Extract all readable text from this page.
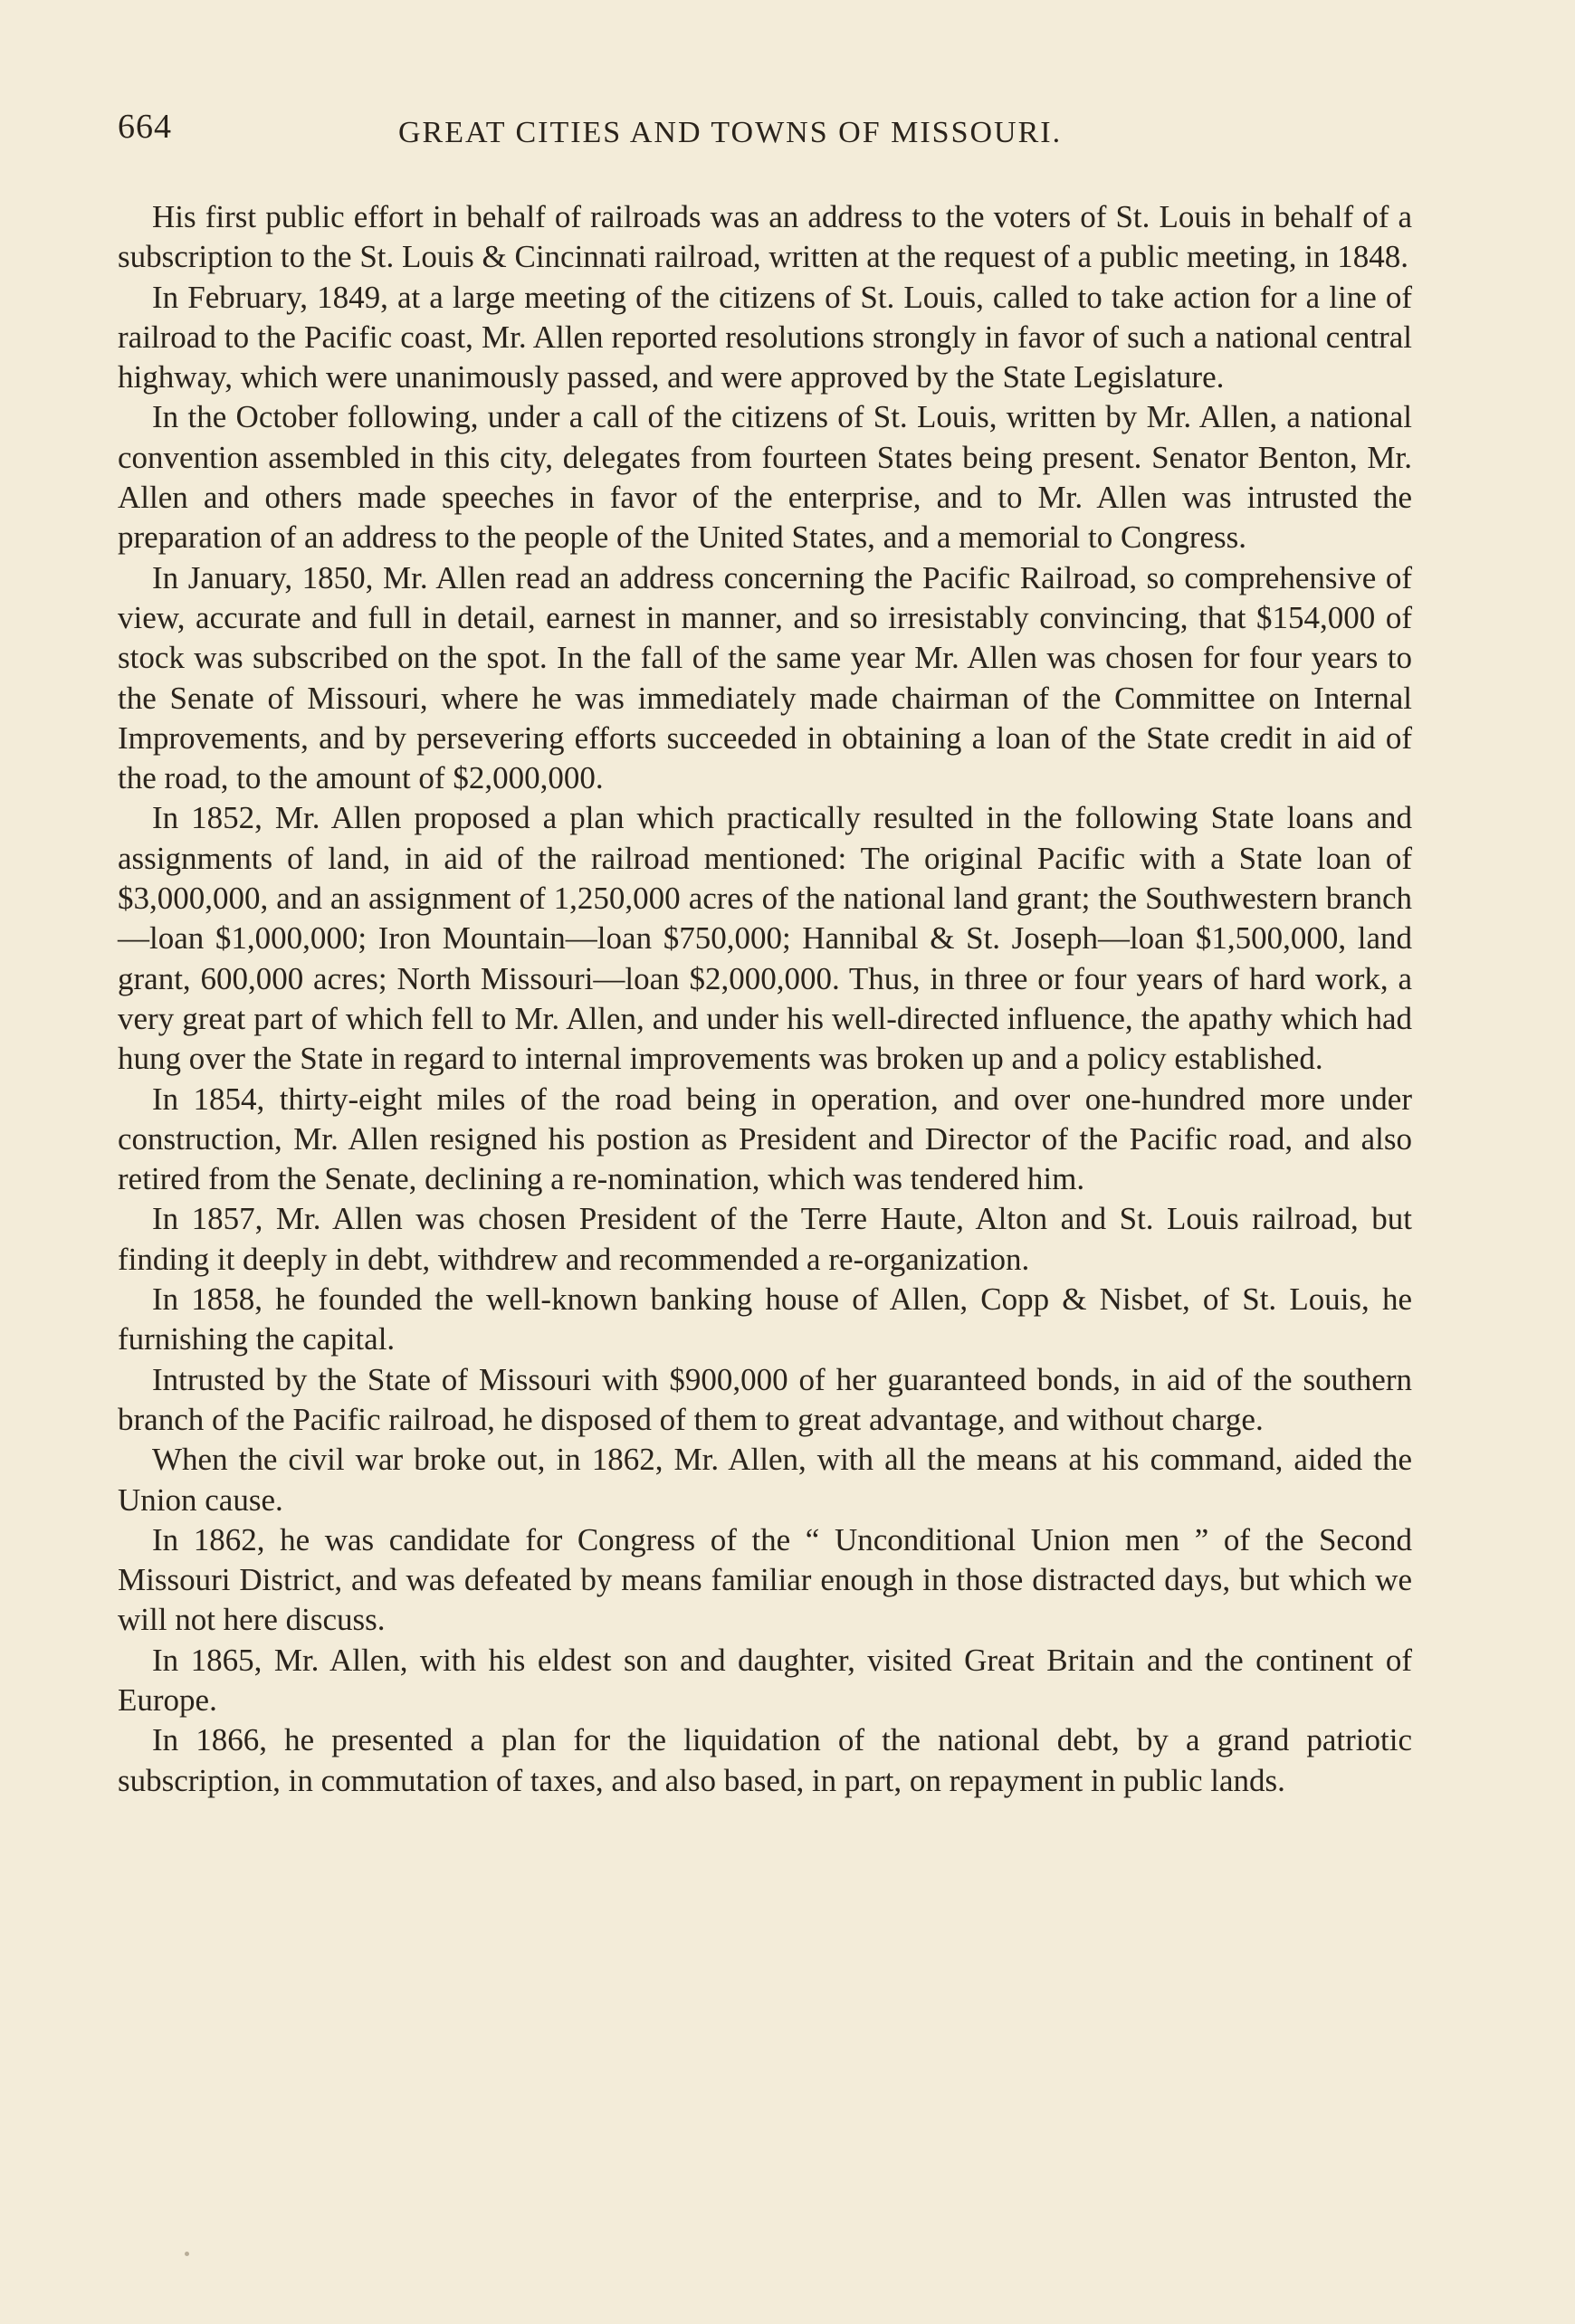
664	GREAT CITIES AND TOWNS OF MISSOURI.

His first public effort in behalf of railroads was an address to the voters of St. Louis in behalf of a subscription to the St. Louis & Cincinnati railroad, written at the request of a public meeting, in 1848.

In February, 1849, at a large meeting of the citizens of St. Louis, called to take action for a line of railroad to the Pacific coast, Mr. Allen reported resolutions strongly in favor of such a national central highway, which were unanimously passed, and were approved by the State Legislature.

In the October following, under a call of the citizens of St. Louis, written by Mr. Allen, a national convention assembled in this city, delegates from fourteen States being present. Senator Benton, Mr. Allen and others made speeches in favor of the enterprise, and to Mr. Allen was intrusted the preparation of an address to the people of the United States, and a memorial to Congress.

In January, 1850, Mr. Allen read an address concerning the Pacific Railroad, so comprehensive of view, accurate and full in detail, earnest in manner, and so irresistably convincing, that $154,000 of stock was subscribed on the spot. In the fall of the same year Mr. Allen was chosen for four years to the Senate of Missouri, where he was immediately made chairman of the Committee on Internal Improvements, and by persevering efforts succeeded in obtaining a loan of the State credit in aid of the road, to the amount of $2,000,000.

In 1852, Mr. Allen proposed a plan which practically resulted in the following State loans and assignments of land, in aid of the railroad mentioned: The original Pacific with a State loan of $3,000,000, and an assignment of 1,250,000 acres of the national land grant; the Southwestern branch—loan $1,000,000; Iron Mountain—loan $750,000; Hannibal & St. Joseph—loan $1,500,000, land grant, 600,000 acres; North Missouri—loan $2,000,000. Thus, in three or four years of hard work, a very great part of which fell to Mr. Allen, and under his well-directed influence, the apathy which had hung over the State in regard to internal improvements was broken up and a policy established.

In 1854, thirty-eight miles of the road being in operation, and over one-hundred more under construction, Mr. Allen resigned his postion as President and Director of the Pacific road, and also retired from the Senate, declining a re-nomination, which was tendered him.

In 1857, Mr. Allen was chosen President of the Terre Haute, Alton and St. Louis railroad, but finding it deeply in debt, withdrew and recommended a re-organization.

In 1858, he founded the well-known banking house of Allen, Copp & Nisbet, of St. Louis, he furnishing the capital.

Intrusted by the State of Missouri with $900,000 of her guaranteed bonds, in aid of the southern branch of the Pacific railroad, he disposed of them to great advantage, and without charge.

When the civil war broke out, in 1862, Mr. Allen, with all the means at his command, aided the Union cause.

In 1862, he was candidate for Congress of the “ Unconditional Union men ” of the Second Missouri District, and was defeated by means familiar enough in those distracted days, but which we will not here discuss.

In 1865, Mr. Allen, with his eldest son and daughter, visited Great Britain and the continent of Europe.

In 1866, he presented a plan for the liquidation of the national debt, by a grand patriotic subscription, in commutation of taxes, and also based, in part, on repayment in public lands.
